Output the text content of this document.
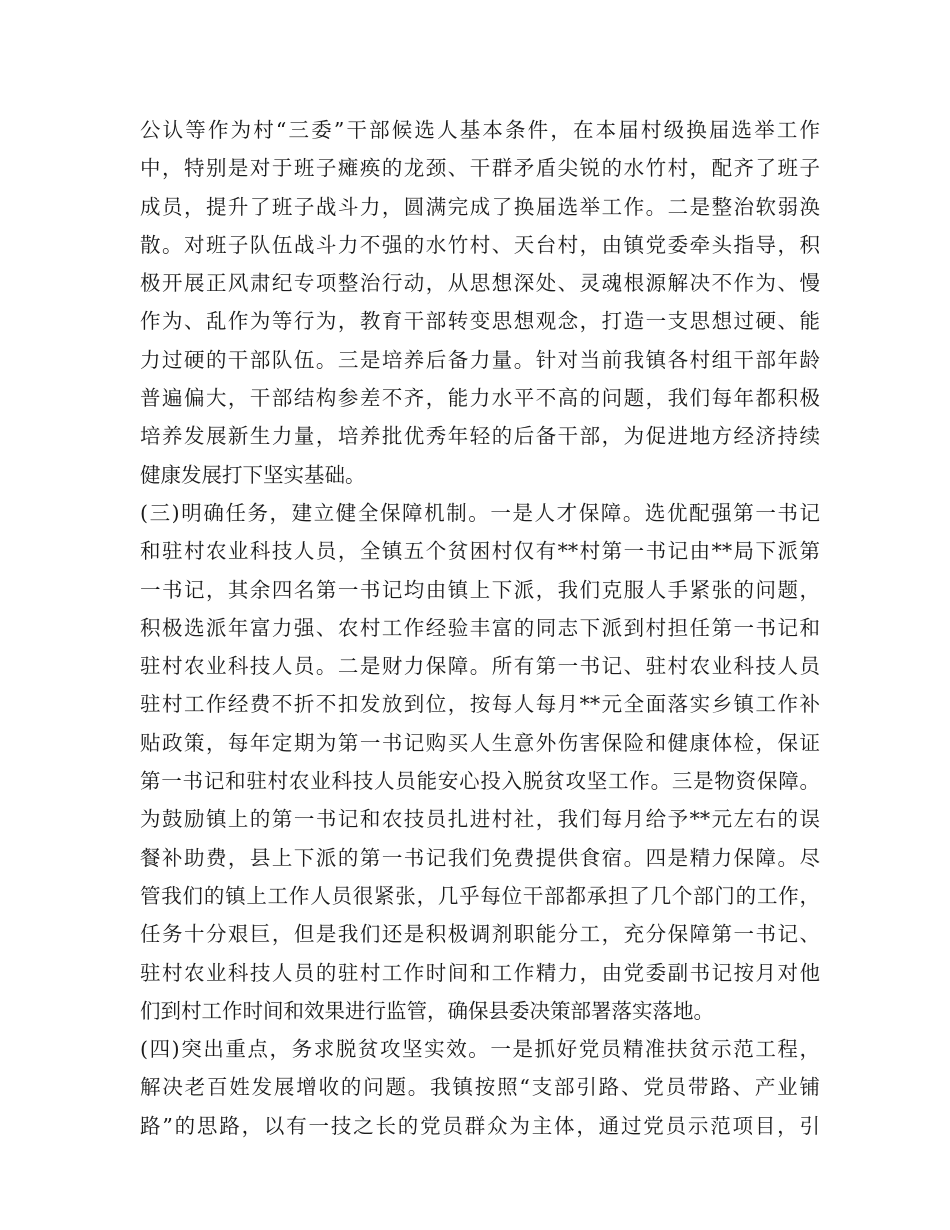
公认等作为村“三委”干部候选人基本条件，在本届村级换届选举工作
中，特别是对于班子瘫痪的龙颈、干群矛盾尖锐的水竹村，配齐了班子
成员，提升了班子战斗力，圆满完成了换届选举工作。二是整治软弱涣
散。对班子队伍战斗力不强的水竹村、天台村，由镇党委牵头指导，积
极开展正风肃纪专项整治行动，从思想深处、灵魂根源解决不作为、慢
作为、乱作为等行为，教育干部转变思想观念，打造一支思想过硬、能
力过硬的干部队伍。三是培养后备力量。针对当前我镇各村组干部年龄
普遍偏大，干部结构参差不齐，能力水平不高的问题，我们每年都积极
培养发展新生力量，培养批优秀年轻的后备干部，为促进地方经济持续
健康发展打下坚实基础。
(三)明确任务，建立健全保障机制。一是人才保障。选优配强第一书记
和驻村农业科技人员，全镇五个贫困村仅有**村第一书记由**局下派第
一书记，其余四名第一书记均由镇上下派，我们克服人手紧张的问题，
积极选派年富力强、农村工作经验丰富的同志下派到村担任第一书记和
驻村农业科技人员。二是财力保障。所有第一书记、驻村农业科技人员
驻村工作经费不折不扣发放到位，按每人每月**元全面落实乡镇工作补
贴政策，每年定期为第一书记购买人生意外伤害保险和健康体检，保证
第一书记和驻村农业科技人员能安心投入脱贫攻坚工作。三是物资保障。
为鼓励镇上的第一书记和农技员扎进村社，我们每月给予**元左右的误
餐补助费，县上下派的第一书记我们免费提供食宿。四是精力保障。尽
管我们的镇上工作人员很紧张，几乎每位干部都承担了几个部门的工作，
任务十分艰巨，但是我们还是积极调剂职能分工，充分保障第一书记、
驻村农业科技人员的驻村工作时间和工作精力，由党委副书记按月对他
们到村工作时间和效果进行监管，确保县委决策部署落实落地。
(四)突出重点，务求脱贫攻坚实效。一是抓好党员精准扶贫示范工程，
解决老百姓发展增收的问题。我镇按照“支部引路、党员带路、产业铺
路”的思路，以有一技之长的党员群众为主体，通过党员示范项目，引
